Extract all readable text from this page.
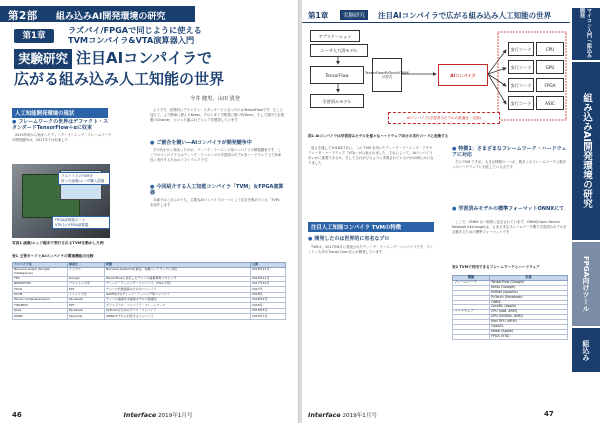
第2部 組み込みAI開発環境の研究
第1章
ラズパイ/FPGAで同じように使える
TVMコンパイラ&VTA演算器入門
注目AIコンパイラで
広がる組み込み人工知能の世界
実験研究
今井 健男，山田 貴登
人工知能開発環境の現状
● フレームワークの世界はデファクト・スタンダードTensorFlow＋αに収束

2015年頃から始まったディープ・ラーニング・フレームワークの開発競争は，2017年では収束した

ラズパイ上のTVMを
使った画像/ユーザ購入認識
FPGA演算器ボード
VTA上のFPGA演算器
写真1 画像/エッジ端末で実行されるTVMを動かした例

ようです．世界的にデファクト・スタンダードとなったのはTensorFlowです．そこに加えて，より簡単に使えるKeras，プロトタイプ開発に強いPyTorch，そして国内で企業製のChainer，といった顔ぶれでシェアを獲得しています．

● ご割合を競い―AIコンパイラが開発競争中

その代わりに始まったのが，ディープ・ラーニング用コンパイラの開発競争です．ここでのコンパイラとはディープ・ラーニングの学習済みモデルをハードウェア上で効率良く実行するためのソフトウェアです．

● 今回紹介する人工知能コンパイラ「TVM」＆FPGA演算器

本稿ではこれらのうち，主要なAIコンパイラの一つとして注目を集めている「TVM」を紹介します．

表1 主要ボードとAIコンパイラの関連機能の比較
コンパイラ名	開発元	特徴	公開
Nervana Graph (Google Intelligence)	インテル	Nervana Systemsを買収，各種ハードウェアに対応	2018年11月
TPU	Google	TensorFlowに対応したテンソル演算専用プロセッサ	2018年11月
NNVM/TVM	ワシントン大学	ディープ・ラーニング・コンパイラ，VTAに対応	2017年10月
TACO	MIT	テンソル代数演算のためのコンパイラ	2017年
DLVM	イリノイ大学	Swift向けのディープ・ラーニング用コンパイラ	2018年
Tensor Comprehensions	Facebook	テンソル演算を多面体モデルで最適化	2018年2月
TIRAMISU	MIT	ポリヘドラル・コンパイラ・フレームワーク	2018年
Glow	Facebook	PyTorchのためのグラフ・コンパイラ	2018年5月
ONNC	Skymizer	ONNXモデルに対応するコンパイラ	2018年7月
46	Interface 2019年1月号
第1章	実験研究	注目AIコンパイラで広がる組み込み人工知能の世界	マイコン入門 / 組込み開発
組み込みAI開発環境の研究
FPGA向けツール
組込み
アプリケーション
ユーザ入力済モデル
TensorFlow
学習済みモデル
TensorFlow/PyTorch/ONNXの形式	AIコンパイラ
実行コード	CPU
実行コード	GPU
実行コード	FPGA
実行コード	ASIC
AIコンパイラ(学習済みモデルの最適化・変換)
図1 AIコンパイラは学習済みモデルを様々なハードウェア向けの実行コードに変換する

覚えを通して2018年7月に，この TVM を用いたディープ・ラーニング・アクセラレータ・ハードウェア「VTA」が公表されました．それによって，AIコンパイラがいかに重要であるか，そしてそれがどのように実現されているのかが明らかになりました．

注目人工知能コンパイラ TVMの特徴
● 開発したのは世界的に有名なプロ

TVMは，2017年8月に発表されたディープ・ラーニング・コンパイラです．ワシントン大学のTianqi Chen氏らが開発しています．

● 特徴1：さまざまなフレームワーク・ハードウェアに対応

その TVM ですが，大きな特徴の一つが，数多くのフレームワークと数多くのハードウェアに対応している点です．

● 学習済みモデルの標準フォーマットONNXにて

ここで，ONNX は一般的に注目されています．ONNX(Open Neural Network eXchange)は，さまざまなフレームワーク間で学習済みモデルを交換するための標準フォーマットです．

表2 TVMで利用できるフレームワークとハードウェア
種類	名称
フレームワーク	TensorFlow (Google)
	Keras (Google)
	MXNet (Apache)
	PyTorch (Facebook)
	ONNX
	CoreML (Apple)
ハードウェア	CPU (x86, ARM)
	GPU (NVIDIA, AMD)
	Mali GPU (ARM)
	OpenCL
	Metal (Apple)
	FPGA (VTA)
Interface 2019年1月号	47
